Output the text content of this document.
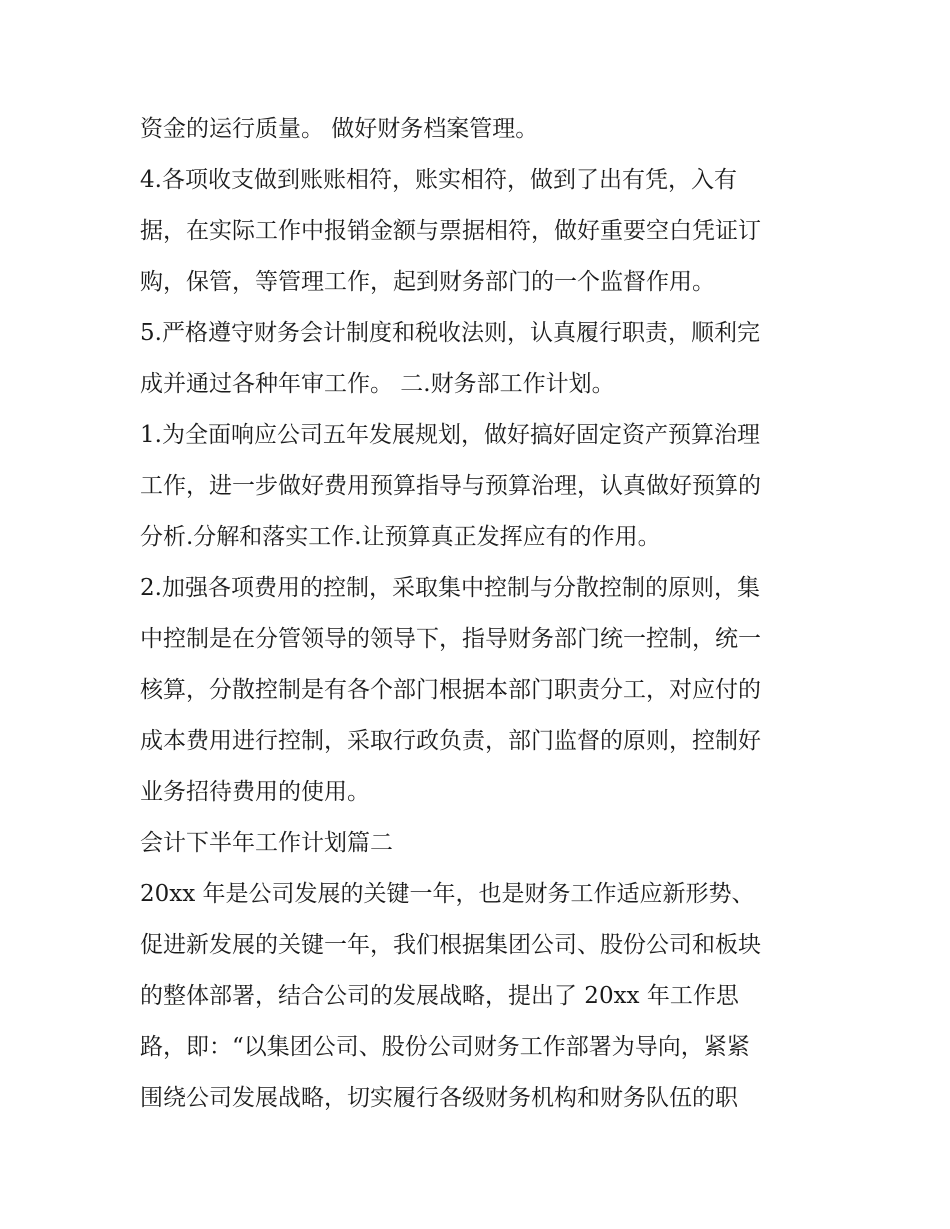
资金的运行质量。 做好财务档案管理。
4.各项收支做到账账相符，账实相符，做到了出有凭，入有
据，在实际工作中报销金额与票据相符，做好重要空白凭证订
购，保管，等管理工作，起到财务部门的一个监督作用。
5.严格遵守财务会计制度和税收法则，认真履行职责，顺利完
成并通过各种年审工作。 二.财务部工作计划。
1.为全面响应公司五年发展规划，做好搞好固定资产预算治理
工作，进一步做好费用预算指导与预算治理，认真做好预算的
分析.分解和落实工作.让预算真正发挥应有的作用。
2.加强各项费用的控制，采取集中控制与分散控制的原则，集
中控制是在分管领导的领导下，指导财务部门统一控制，统一
核算，分散控制是有各个部门根据本部门职责分工，对应付的
成本费用进行控制，采取行政负责，部门监督的原则，控制好
业务招待费用的使用。
会计下半年工作计划篇二
20xx 年是公司发展的关键一年，也是财务工作适应新形势、
促进新发展的关键一年，我们根据集团公司、股份公司和板块
的整体部署，结合公司的发展战略，提出了 20xx 年工作思
路，即：“以集团公司、股份公司财务工作部署为导向，紧紧
围绕公司发展战略，切实履行各级财务机构和财务队伍的职
